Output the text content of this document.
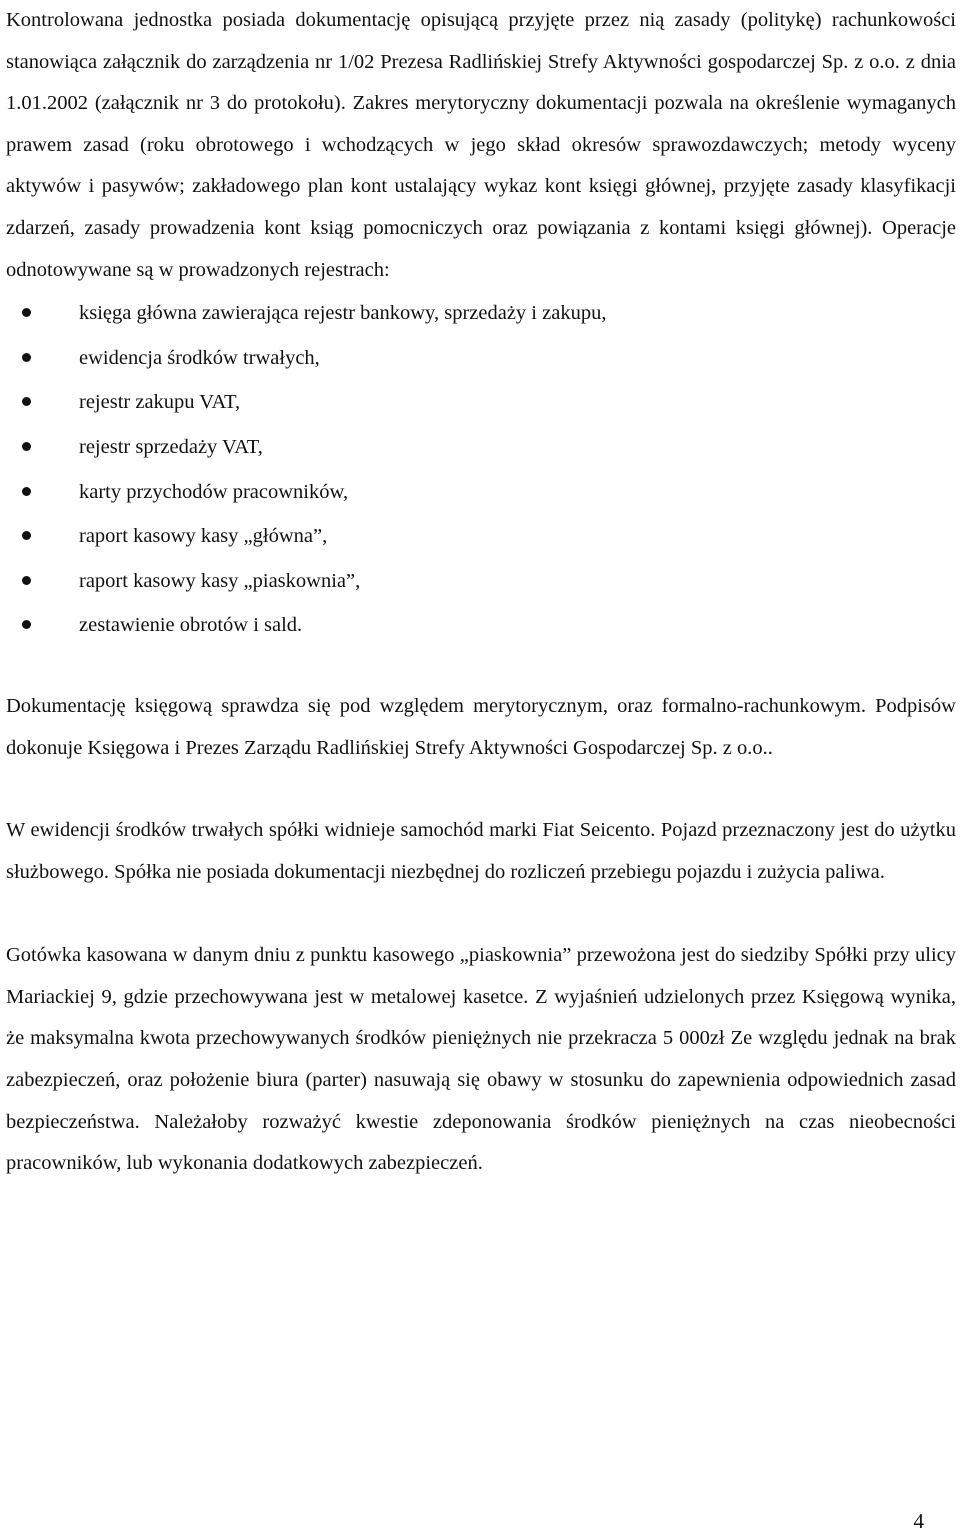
Kontrolowana jednostka posiada dokumentację opisującą przyjęte przez nią zasady (politykę) rachunkowości stanowiąca załącznik do zarządzenia nr 1/02 Prezesa Radlińskiej Strefy Aktywności gospodarczej Sp. z o.o. z dnia 1.01.2002 (załącznik nr 3 do protokołu). Zakres merytoryczny dokumentacji pozwala na określenie wymaganych prawem zasad (roku obrotowego i wchodzących w jego skład okresów sprawozdawczych; metody wyceny aktywów i pasywów; zakładowego plan kont ustalający wykaz kont księgi głównej, przyjęte zasady klasyfikacji zdarzeń, zasady prowadzenia kont ksiąg pomocniczych oraz powiązania z kontami księgi głównej). Operacje odnotowywane są w prowadzonych rejestrach:

księga główna zawierająca rejestr bankowy, sprzedaży i zakupu,
ewidencja środków trwałych,
rejestr zakupu VAT,
rejestr sprzedaży VAT,
karty przychodów pracowników,
raport kasowy kasy „główna”,
raport kasowy kasy „piaskownia”,
zestawienie obrotów i sald.

Dokumentację księgową sprawdza się pod względem merytorycznym, oraz formalno-rachunkowym. Podpisów dokonuje Księgowa i Prezes Zarządu Radlińskiej Strefy Aktywności Gospodarczej Sp. z o.o..

W ewidencji środków trwałych spółki widnieje samochód marki Fiat Seicento. Pojazd przeznaczony jest do użytku służbowego. Spółka nie posiada dokumentacji niezbędnej do rozliczeń przebiegu pojazdu i zużycia paliwa.

Gotówka kasowana w danym dniu z punktu kasowego „piaskownia” przewożona jest do siedziby Spółki przy ulicy Mariackiej 9, gdzie przechowywana jest w metalowej kasetce. Z wyjaśnień udzielonych przez Księgową wynika, że maksymalna kwota przechowywanych środków pieniężnych nie przekracza 5 000zł Ze względu jednak na brak zabezpieczeń, oraz położenie biura (parter) nasuwają się obawy w stosunku do zapewnienia odpowiednich zasad bezpieczeństwa. Należałoby rozważyć kwestie zdeponowania środków pieniężnych na czas nieobecności pracowników, lub wykonania dodatkowych zabezpieczeń.

4
